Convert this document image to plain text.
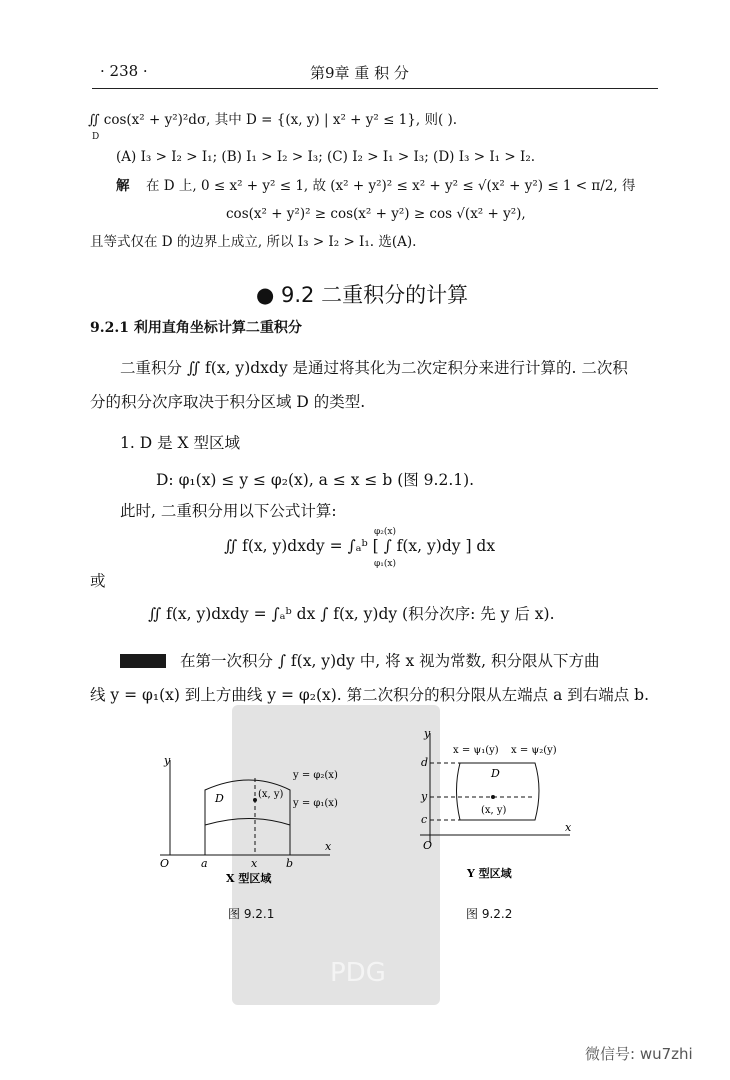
· 238 ·	第9章 重 积 分
∬ cos(x² + y²)²dσ, 其中 D = {(x, y) | x² + y² ≤ 1}, 则( ).
D
(A) I₃ > I₂ > I₁; (B) I₁ > I₂ > I₃; (C) I₂ > I₁ > I₃; (D) I₃ > I₁ > I₂.
解 在 D 上, 0 ≤ x² + y² ≤ 1, 故 (x² + y²)² ≤ x² + y² ≤ √(x² + y²) ≤ 1 < π/2, 得
cos(x² + y²)² ≥ cos(x² + y²) ≥ cos √(x² + y²),
且等式仅在 D 的边界上成立, 所以 I₃ > I₂ > I₁. 选(A).
● 9.2 二重积分的计算
9.2.1 利用直角坐标计算二重积分
二重积分 ∬ f(x, y)dxdy 是通过将其化为二次定积分来进行计算的. 二次积
分的积分次序取决于积分区域 D 的类型.
1. D 是 X 型区域
D: φ₁(x) ≤ y ≤ φ₂(x), a ≤ x ≤ b (图 9.2.1).
此时, 二重积分用以下公式计算:
φ₂(x)
∬ f(x, y)dxdy = ∫ₐᵇ [ ∫ f(x, y)dy ] dx
φ₁(x)
或
∬ f(x, y)dxdy = ∫ₐᵇ dx ∫ f(x, y)dy (积分次序: 先 y 后 x).
在第一次积分 ∫ f(x, y)dy 中, 将 x 视为常数, 积分限从下方曲
线 y = φ₁(x) 到上方曲线 y = φ₂(x). 第二次积分的积分限从左端点 a 到右端点 b.
PDG
y
x
O	a	x	b
D	(x, y)
y = φ₂(x)
y = φ₁(x)
X 型区域
图 9.2.1
y
x
O
d
y
c
D
(x, y)
x = ψ₁(y) x = ψ₂(y)
Y 型区域
图 9.2.2
微信号: wu7zhi
